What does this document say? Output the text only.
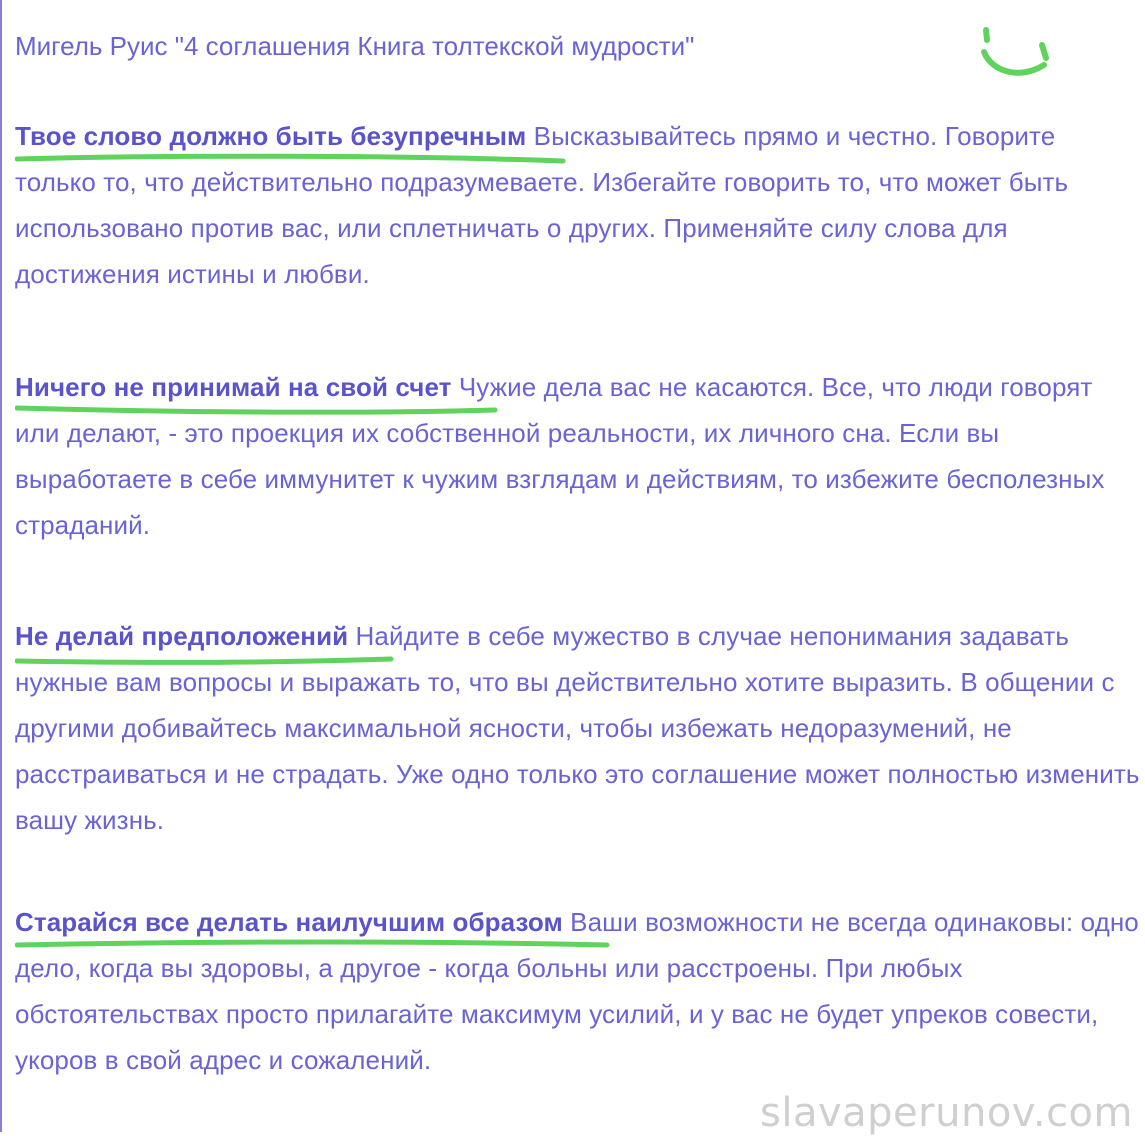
Мигель Руис "4 соглашения Книга толтекской мудрости"
Твое слово должно быть безупречным
Высказывайтесь прямо и честно. Говорите только то, что действительно подразумеваете. Избегайте говорить то, что может быть использовано против вас, или сплетничать о других. Применяйте силу слова для достижения истины и любви.
Ничего не принимай на свой счет
Чужие дела вас не касаются. Все, что люди говорят или делают, - это проекция их собственной реальности, их личного сна. Если вы выработаете в себе иммунитет к чужим взглядам и действиям, то избежите бесполезных страданий.
Не делай предположений
Найдите в себе мужество в случае непонимания задавать нужные вам вопросы и выражать то, что вы действительно хотите выразить. В общении с другими добивайтесь максимальной ясности, чтобы избежать недоразумений, не расстраиваться и не страдать. Уже одно только это соглашение может полностью изменить вашу жизнь.
Старайся все делать наилучшим образом
Ваши возможности не всегда одинаковы: одно дело, когда вы здоровы, а другое - когда больны или расстроены. При любых обстоятельствах просто прилагайте максимум усилий, и у вас не будет упреков совести, укоров в свой адрес и сожалений.
slavaperunov.com
